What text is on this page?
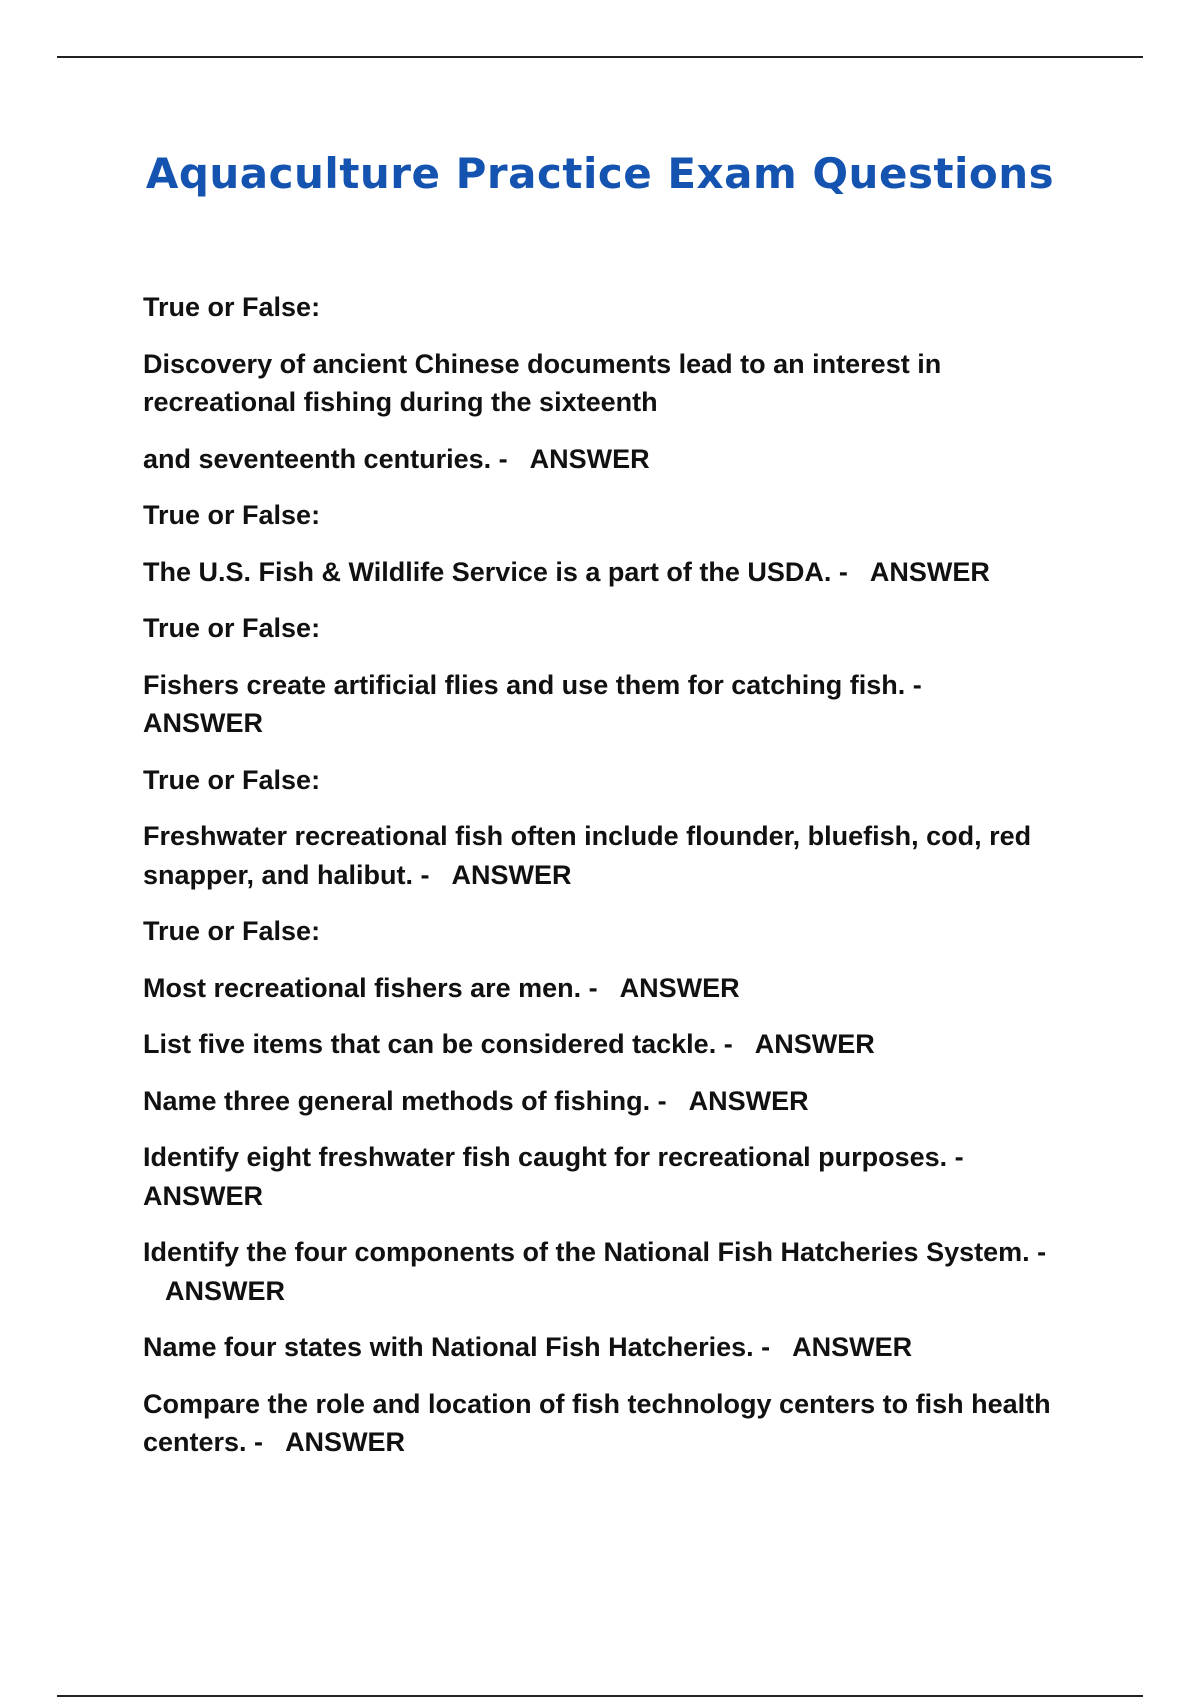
Aquaculture Practice Exam Questions

True or False:

Discovery of ancient Chinese documents lead to an interest in recreational fishing during the sixteenth

and seventeenth centuries. - ANSWER

True or False:

The U.S. Fish & Wildlife Service is a part of the USDA. - ANSWER

True or False:

Fishers create artificial flies and use them for catching fish. -
ANSWER

True or False:

Freshwater recreational fish often include flounder, bluefish, cod, red snapper, and halibut. - ANSWER

True or False:

Most recreational fishers are men. - ANSWER

List five items that can be considered tackle. - ANSWER

Name three general methods of fishing. - ANSWER

Identify eight freshwater fish caught for recreational purposes. -
ANSWER

Identify the four components of the National Fish Hatcheries System. -ANSWER

Name four states with National Fish Hatcheries. - ANSWER

Compare the role and location of fish technology centers to fish health centers. - ANSWER
